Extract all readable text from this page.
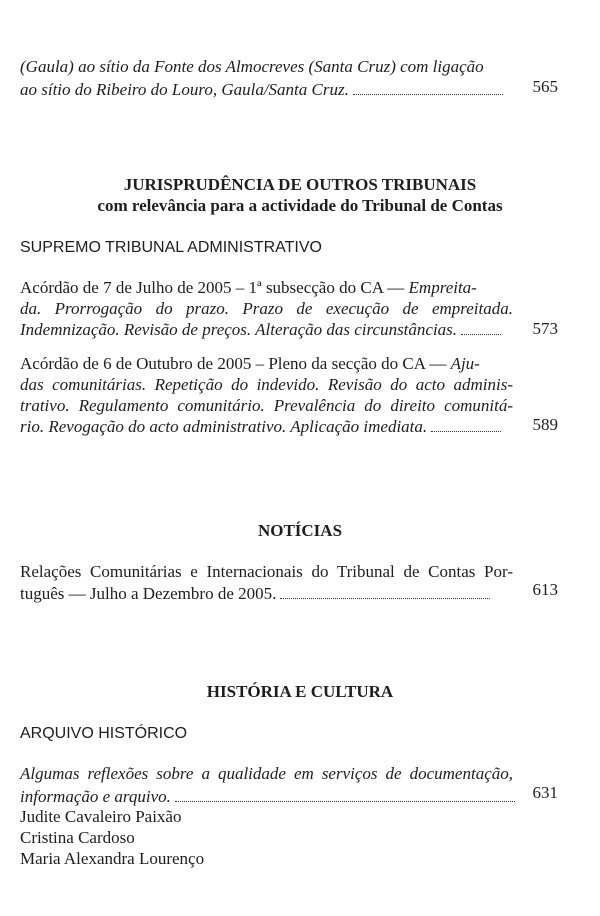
(Gaula) ao sítio da Fonte dos Almocreves (Santa Cruz) com ligação
ao sítio do Ribeiro do Louro, Gaula/Santa Cruz.	565
JURISPRUDÊNCIA DE OUTROS TRIBUNAIS
com relevância para a actividade do Tribunal de Contas
SUPREMO TRIBUNAL ADMINISTRATIVO
Acórdão de 7 de Julho de 2005 – 1ª subsecção do CA — Empreita-
da. Prorrogação do prazo. Prazo de execução de empreitada.
Indemnização. Revisão de preços. Alteração das circunstâncias.	573
Acórdão de 6 de Outubro de 2005 – Pleno da secção do CA — Aju-
das comunitárias. Repetição do indevido. Revisão do acto adminis-
trativo. Regulamento comunitário. Prevalência do direito comunitá-
rio. Revogação do acto administrativo. Aplicação imediata.	589
NOTÍCIAS
Relações Comunitárias e Internacionais do Tribunal de Contas Por-
tuguês — Julho a Dezembro de 2005.	613
HISTÓRIA E CULTURA
ARQUIVO HISTÓRICO
Algumas reflexões sobre a qualidade em serviços de documentação,
informação e arquivo.	631
Judite Cavaleiro Paixão
Cristina Cardoso
Maria Alexandra Lourenço
